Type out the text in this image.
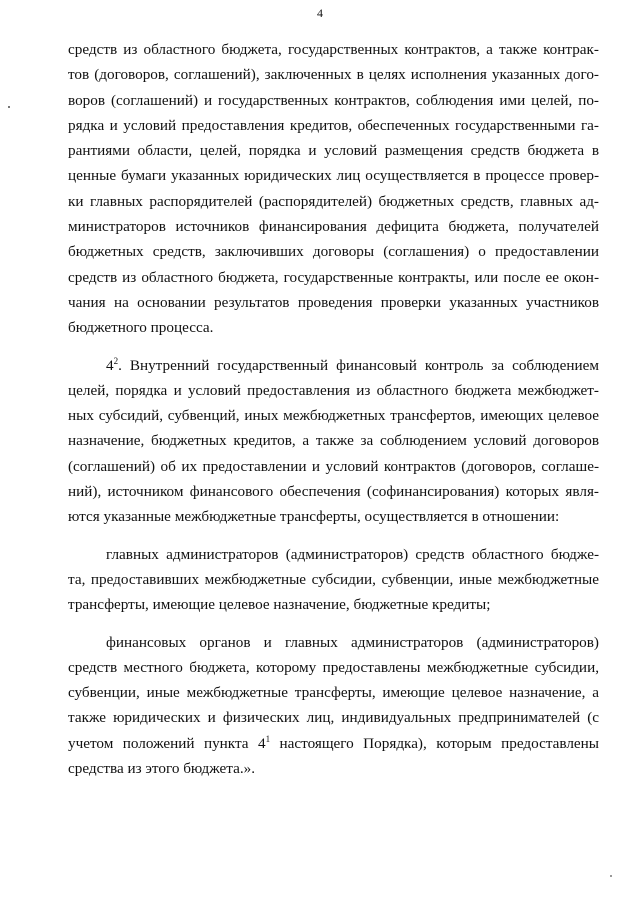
4

средств из областного бюджета, государственных контрактов, а также контрак-
тов (договоров, соглашений), заключенных в целях исполнения указанных дого-
воров (соглашений) и государственных контрактов, соблюдения ими целей, по-
рядка и условий предоставления кредитов, обеспеченных государственными га-
рантиями области, целей, порядка и условий размещения средств бюджета в
ценные бумаги указанных юридических лиц осуществляется в процессе провер-
ки главных распорядителей (распорядителей) бюджетных средств, главных ад-
министраторов источников финансирования дефицита бюджета, получателей
бюджетных средств, заключивших договоры (соглашения) о предоставлении
средств из областного бюджета, государственные контракты, или после ее окон-
чания на основании результатов проведения проверки указанных участников
бюджетного процесса.

$4^2$. Внутренний государственный финансовый контроль за соблюдением
целей, порядка и условий предоставления из областного бюджета межбюджет-
ных субсидий, субвенций, иных межбюджетных трансфертов, имеющих целевое
назначение, бюджетных кредитов, а также за соблюдением условий договоров
(соглашений) об их предоставлении и условий контрактов (договоров, соглаше-
ний), источником финансового обеспечения (софинансирования) которых явля-
ются указанные межбюджетные трансферты, осуществляется в отношении:

главных администраторов (администраторов) средств областного бюдже-
та, предоставивших межбюджетные субсидии, субвенции, иные межбюджетные
трансферты, имеющие целевое назначение, бюджетные кредиты;

финансовых органов и главных администраторов (администраторов)
средств местного бюджета, которому предоставлены межбюджетные субсидии,
субвенции, иные межбюджетные трансферты, имеющие целевое назначение, а
также юридических и физических лиц, индивидуальных предпринимателей (с
учетом положений пункта $4^1$ настоящего Порядка), которым предоставлены
средства из этого бюджета.».
